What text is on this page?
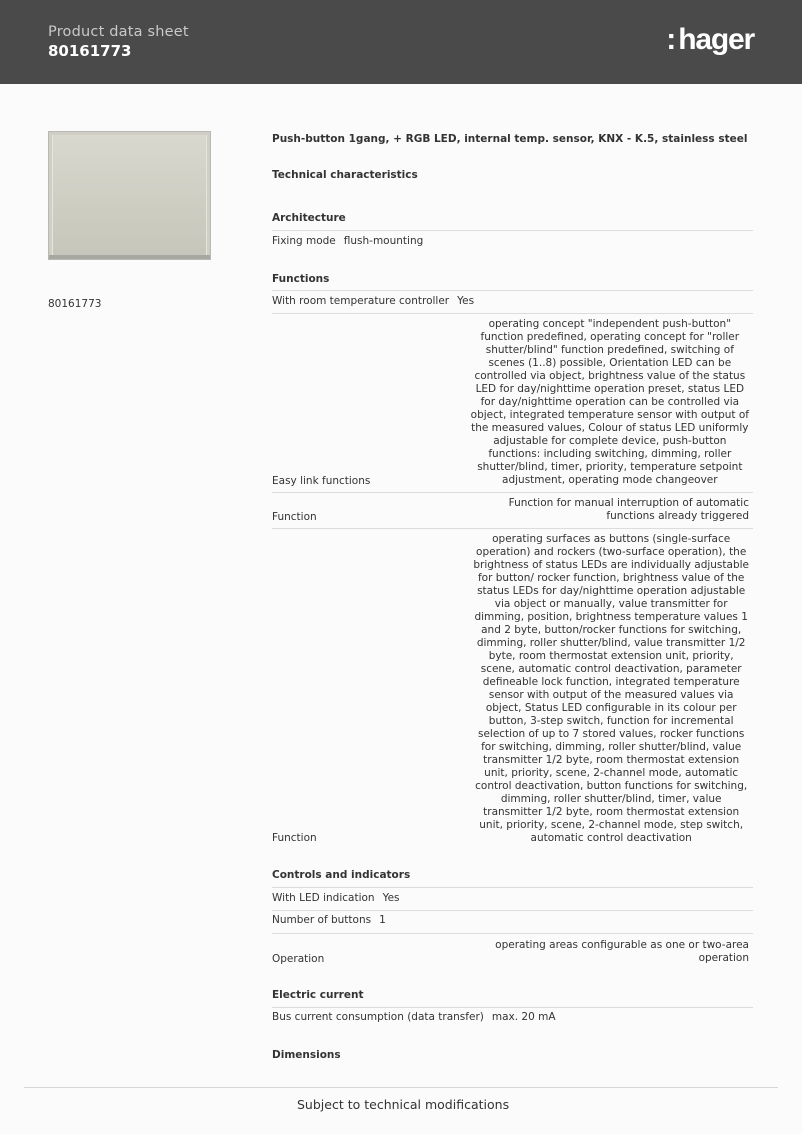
Product data sheet
80161773	:hager
80161773
Push-button 1gang, + RGB LED, internal temp. sensor, KNX - K.5, stainless steel
Technical characteristics
Architecture
Fixing mode flush-mounting
Functions
With room temperature controller Yes
Easy link functions
operating concept "independent push-button"
function predefined, operating concept for "roller
shutter/blind" function predefined, switching of
scenes (1..8) possible, Orientation LED can be
controlled via object, brightness value of the status
LED for day/nighttime operation preset, status LED
for day/nighttime operation can be controlled via
object, integrated temperature sensor with output of
the measured values, Colour of status LED uniformly
adjustable for complete device, push-button
functions: including switching, dimming, roller
shutter/blind, timer, priority, temperature setpoint
adjustment, operating mode changeover
Function
Function for manual interruption of automatic
functions already triggered
Function
operating surfaces as buttons (single-surface
operation) and rockers (two-surface operation), the
brightness of status LEDs are individually adjustable
for button/ rocker function, brightness value of the
status LEDs for day/nighttime operation adjustable
via object or manually, value transmitter for
dimming, position, brightness temperature values 1
and 2 byte, button/rocker functions for switching,
dimming, roller shutter/blind, value transmitter 1/2
byte, room thermostat extension unit, priority,
scene, automatic control deactivation, parameter
defineable lock function, integrated temperature
sensor with output of the measured values via
object, Status LED configurable in its colour per
button, 3-step switch, function for incremental
selection of up to 7 stored values, rocker functions
for switching, dimming, roller shutter/blind, value
transmitter 1/2 byte, room thermostat extension
unit, priority, scene, 2-channel mode, automatic
control deactivation, button functions for switching,
dimming, roller shutter/blind, timer, value
transmitter 1/2 byte, room thermostat extension
unit, priority, scene, 2-channel mode, step switch,
automatic control deactivation
Controls and indicators
With LED indication Yes
Number of buttons 1
Operation
operating areas configurable as one or two-area
operation
Electric current
Bus current consumption (data transfer) max. 20 mA
Dimensions
Subject to technical modifications
